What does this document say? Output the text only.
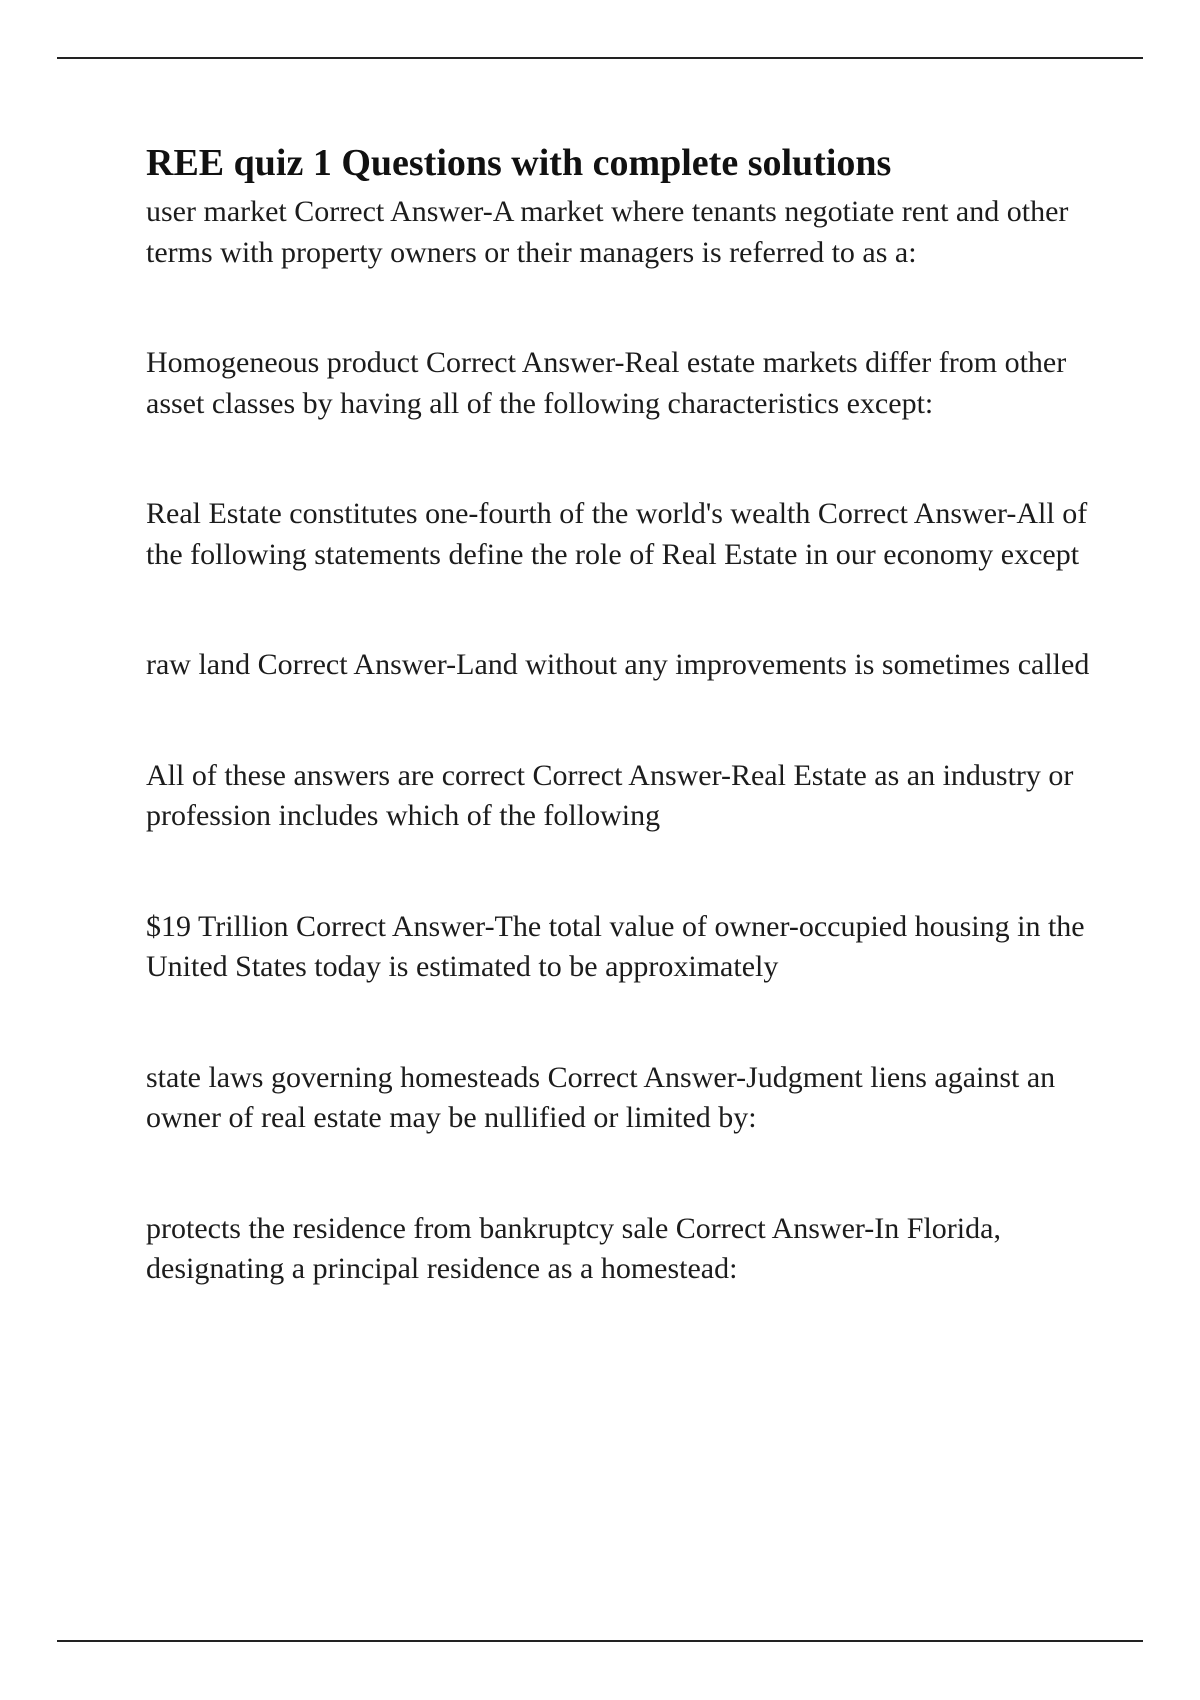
REE quiz 1 Questions with complete solutions
user market Correct Answer-A market where tenants negotiate rent and other terms with property owners or their managers is referred to as a:
Homogeneous product Correct Answer-Real estate markets differ from other asset classes by having all of the following characteristics except:
Real Estate constitutes one-fourth of the world's wealth Correct Answer-All of the following statements define the role of Real Estate in our economy except
raw land Correct Answer-Land without any improvements is sometimes called
All of these answers are correct Correct Answer-Real Estate as an industry or profession includes which of the following
$19 Trillion Correct Answer-The total value of owner-occupied housing in the United States today is estimated to be approximately
state laws governing homesteads Correct Answer-Judgment liens against an owner of real estate may be nullified or limited by:
protects the residence from bankruptcy sale Correct Answer-In Florida, designating a principal residence as a homestead:
